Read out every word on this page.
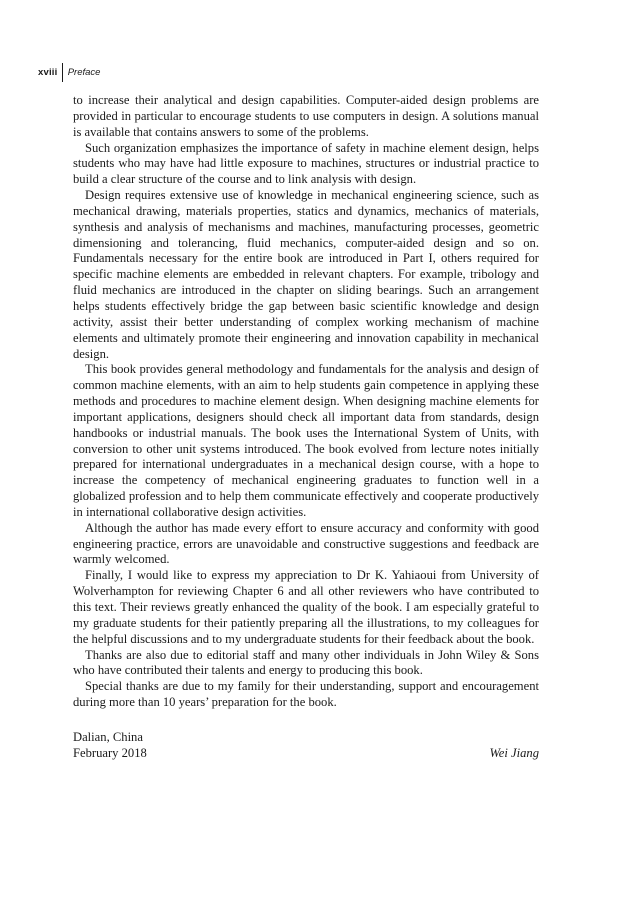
xviii	Preface

to increase their analytical and design capabilities. Computer-aided design problems are provided in particular to encourage students to use computers in design. A solutions manual is available that contains answers to some of the problems.

Such organization emphasizes the importance of safety in machine element design, helps students who may have had little exposure to machines, structures or industrial practice to build a clear structure of the course and to link analysis with design.

Design requires extensive use of knowledge in mechanical engineering science, such as mechanical drawing, materials properties, statics and dynamics, mechanics of materials, synthesis and analysis of mechanisms and machines, manufacturing processes, geometric dimensioning and tolerancing, fluid mechanics, computer-aided design and so on. Fundamentals necessary for the entire book are introduced in Part I, others required for specific machine elements are embedded in relevant chapters. For example, tribology and fluid mechanics are introduced in the chapter on sliding bearings. Such an arrangement helps students effectively bridge the gap between basic scientific knowledge and design activity, assist their better understanding of complex working mechanism of machine elements and ultimately promote their engineering and innovation capability in mechanical design.

This book provides general methodology and fundamentals for the analysis and design of common machine elements, with an aim to help students gain competence in applying these methods and procedures to machine element design. When designing machine elements for important applications, designers should check all important data from standards, design handbooks or industrial manuals. The book uses the International System of Units, with conversion to other unit systems introduced. The book evolved from lecture notes initially prepared for international undergraduates in a mechanical design course, with a hope to increase the competency of mechanical engineering graduates to function well in a globalized profession and to help them communicate effectively and cooperate productively in international collaborative design activities.

Although the author has made every effort to ensure accuracy and conformity with good engineering practice, errors are unavoidable and constructive suggestions and feedback are warmly welcomed.

Finally, I would like to express my appreciation to Dr K. Yahiaoui from University of Wolverhampton for reviewing Chapter 6 and all other reviewers who have contributed to this text. Their reviews greatly enhanced the quality of the book. I am especially grateful to my graduate students for their patiently preparing all the illustrations, to my colleagues for the helpful discussions and to my undergraduate students for their feedback about the book.

Thanks are also due to editorial staff and many other individuals in John Wiley & Sons who have contributed their talents and energy to producing this book.

Special thanks are due to my family for their understanding, support and encouragement during more than 10 years’ preparation for the book.

Dalian, China
February 2018	Wei Jiang
